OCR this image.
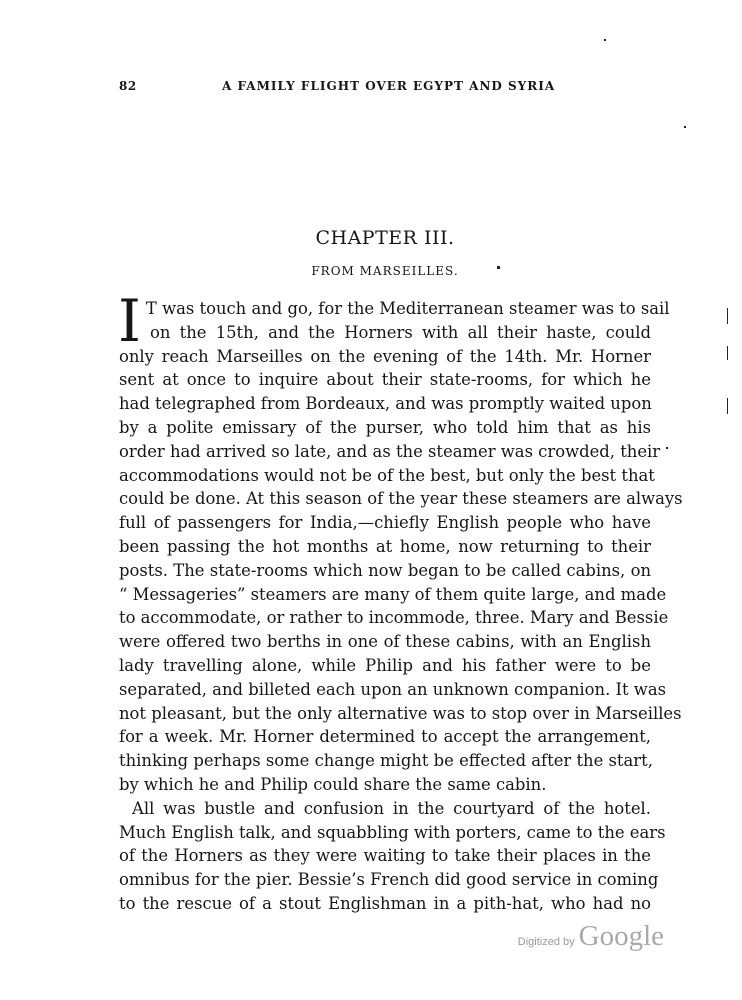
82	A FAMILY FLIGHT OVER EGYPT AND SYRIA
CHAPTER III.
FROM MARSEILLES.
I T was touch and go, for the Mediterranean steamer was to sail
on the 15th, and the Horners with all their haste, could
only reach Marseilles on the evening of the 14th. Mr. Horner
sent at once to inquire about their state-rooms, for which he
had telegraphed from Bordeaux, and was promptly waited upon
by a polite emissary of the purser, who told him that as his
order had arrived so late, and as the steamer was crowded, their
accommodations would not be of the best, but only the best that
could be done. At this season of the year these steamers are always
full of passengers for India,—chiefly English people who have
been passing the hot months at home, now returning to their
posts. The state-rooms which now began to be called cabins, on
“ Messageries” steamers are many of them quite large, and made
to accommodate, or rather to incommode, three. Mary and Bessie
were offered two berths in one of these cabins, with an English
lady travelling alone, while Philip and his father were to be
separated, and billeted each upon an unknown companion. It was
not pleasant, but the only alternative was to stop over in Marseilles
for a week. Mr. Horner determined to accept the arrangement,
thinking perhaps some change might be effected after the start,
by which he and Philip could share the same cabin.
All was bustle and confusion in the courtyard of the hotel.
Much English talk, and squabbling with porters, came to the ears
of the Horners as they were waiting to take their places in the
omnibus for the pier. Bessie’s French did good service in coming
to the rescue of a stout Englishman in a pith-hat, who had no
Digitized by Google
